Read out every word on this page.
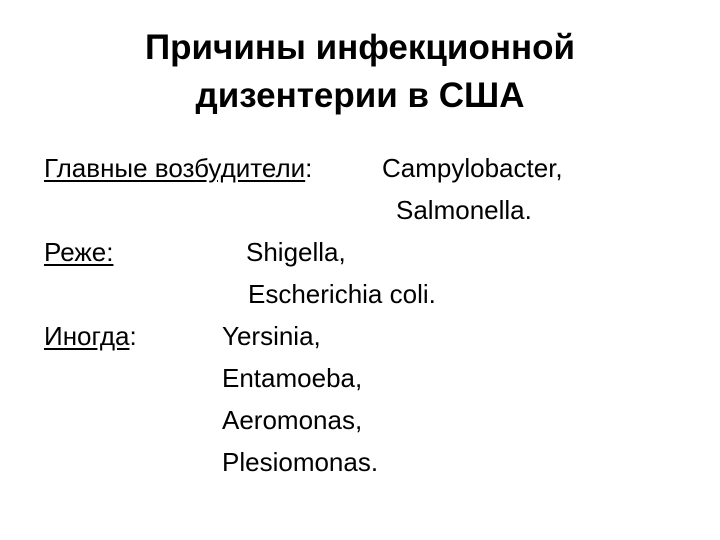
Причины инфекционной
дизентерии в США
Главные возбудители:	Campylobacter,
Salmonella.
Реже:	Shigella,
Escherichia coli.
Иногда:	Yersinia,
Entamoeba,
Aeromonas,
Plesiomonas.
